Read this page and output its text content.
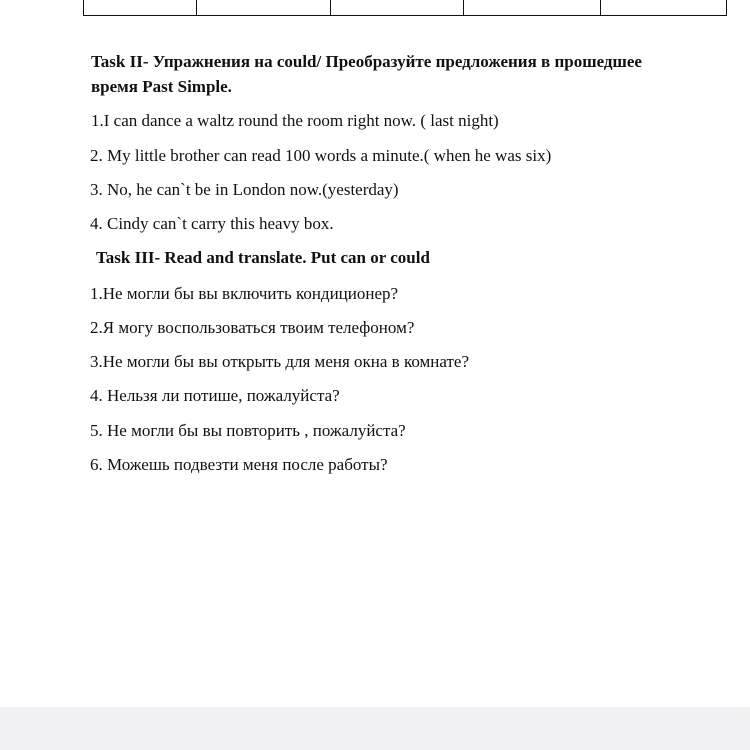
Task II- Упражнения на could/ Преобразуйте предложения в прошедшее
время Past Simple.
1.I can dance a waltz round the room right now. ( last night)
2. My little brother can read 100 words a minute.( when he was six)
3. No, he can`t be in London now.(yesterday)
4. Cindy can`t carry this heavy box.
Task III- Read and translate. Put can or could
1.Не могли бы вы включить кондиционер?
2.Я могу воспользоваться твоим телефоном?
3.Не могли бы вы открыть для меня окна в комнате?
4. Нельзя ли потише, пожалуйста?
5. Не могли бы вы повторить , пожалуйста?
6. Можешь подвезти меня после работы?
